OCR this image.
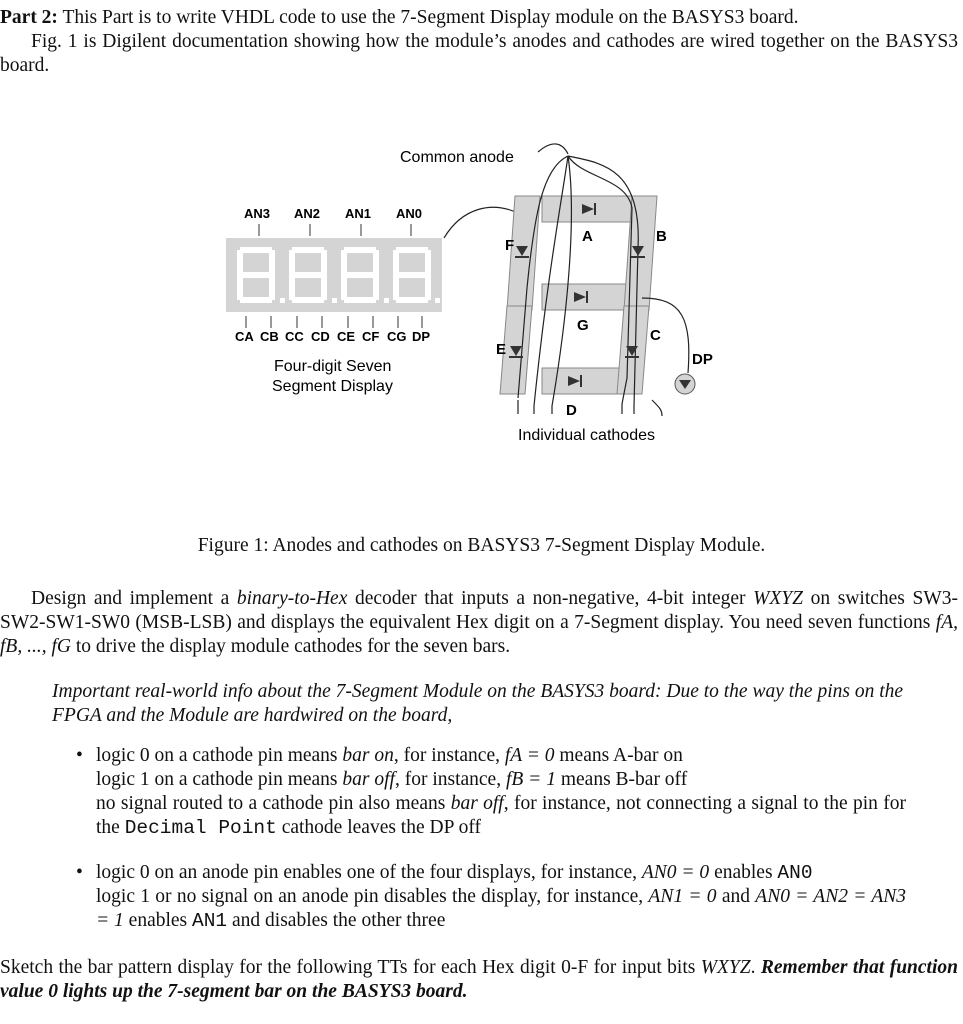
Part 2: This Part is to write VHDL code to use the 7-Segment Display module on the BASYS3 board.
Fig. 1 is Digilent documentation showing how the module’s anodes and cathodes are wired together on the BASYS3 board.
Common anode
AN3 AN2 AN1 AN0
CA CB CC CD CE CF CG DP
Four-digit Seven
Segment Display
A	B
C
D
E
F
G
DP
Individual cathodes
Figure 1: Anodes and cathodes on BASYS3 7-Segment Display Module.
Design and implement a binary-to-Hex decoder that inputs a non-negative, 4-bit integer WXYZ on switches SW3-SW2-SW1-SW0 (MSB-LSB) and displays the equivalent Hex digit on a 7-Segment display. You need seven functions fA, fB, ..., fG to drive the display module cathodes for the seven bars.
Important real-world info about the 7-Segment Module on the BASYS3 board: Due to the way the pins on the FPGA and the Module are hardwired on the board,
• logic 0 on a cathode pin means bar on, for instance, fA = 0 means A-bar on
logic 1 on a cathode pin means bar off, for instance, fB = 1 means B-bar off
no signal routed to a cathode pin also means bar off, for instance, not connecting a signal to the pin for the Decimal Point cathode leaves the DP off
• logic 0 on an anode pin enables one of the four displays, for instance, AN0 = 0 enables AN0
logic 1 or no signal on an anode pin disables the display, for instance, AN1 = 0 and AN0 = AN2 = AN3 = 1 enables AN1 and disables the other three
Sketch the bar pattern display for the following TTs for each Hex digit 0-F for input bits WXYZ. Remember that function value 0 lights up the 7-segment bar on the BASYS3 board.
